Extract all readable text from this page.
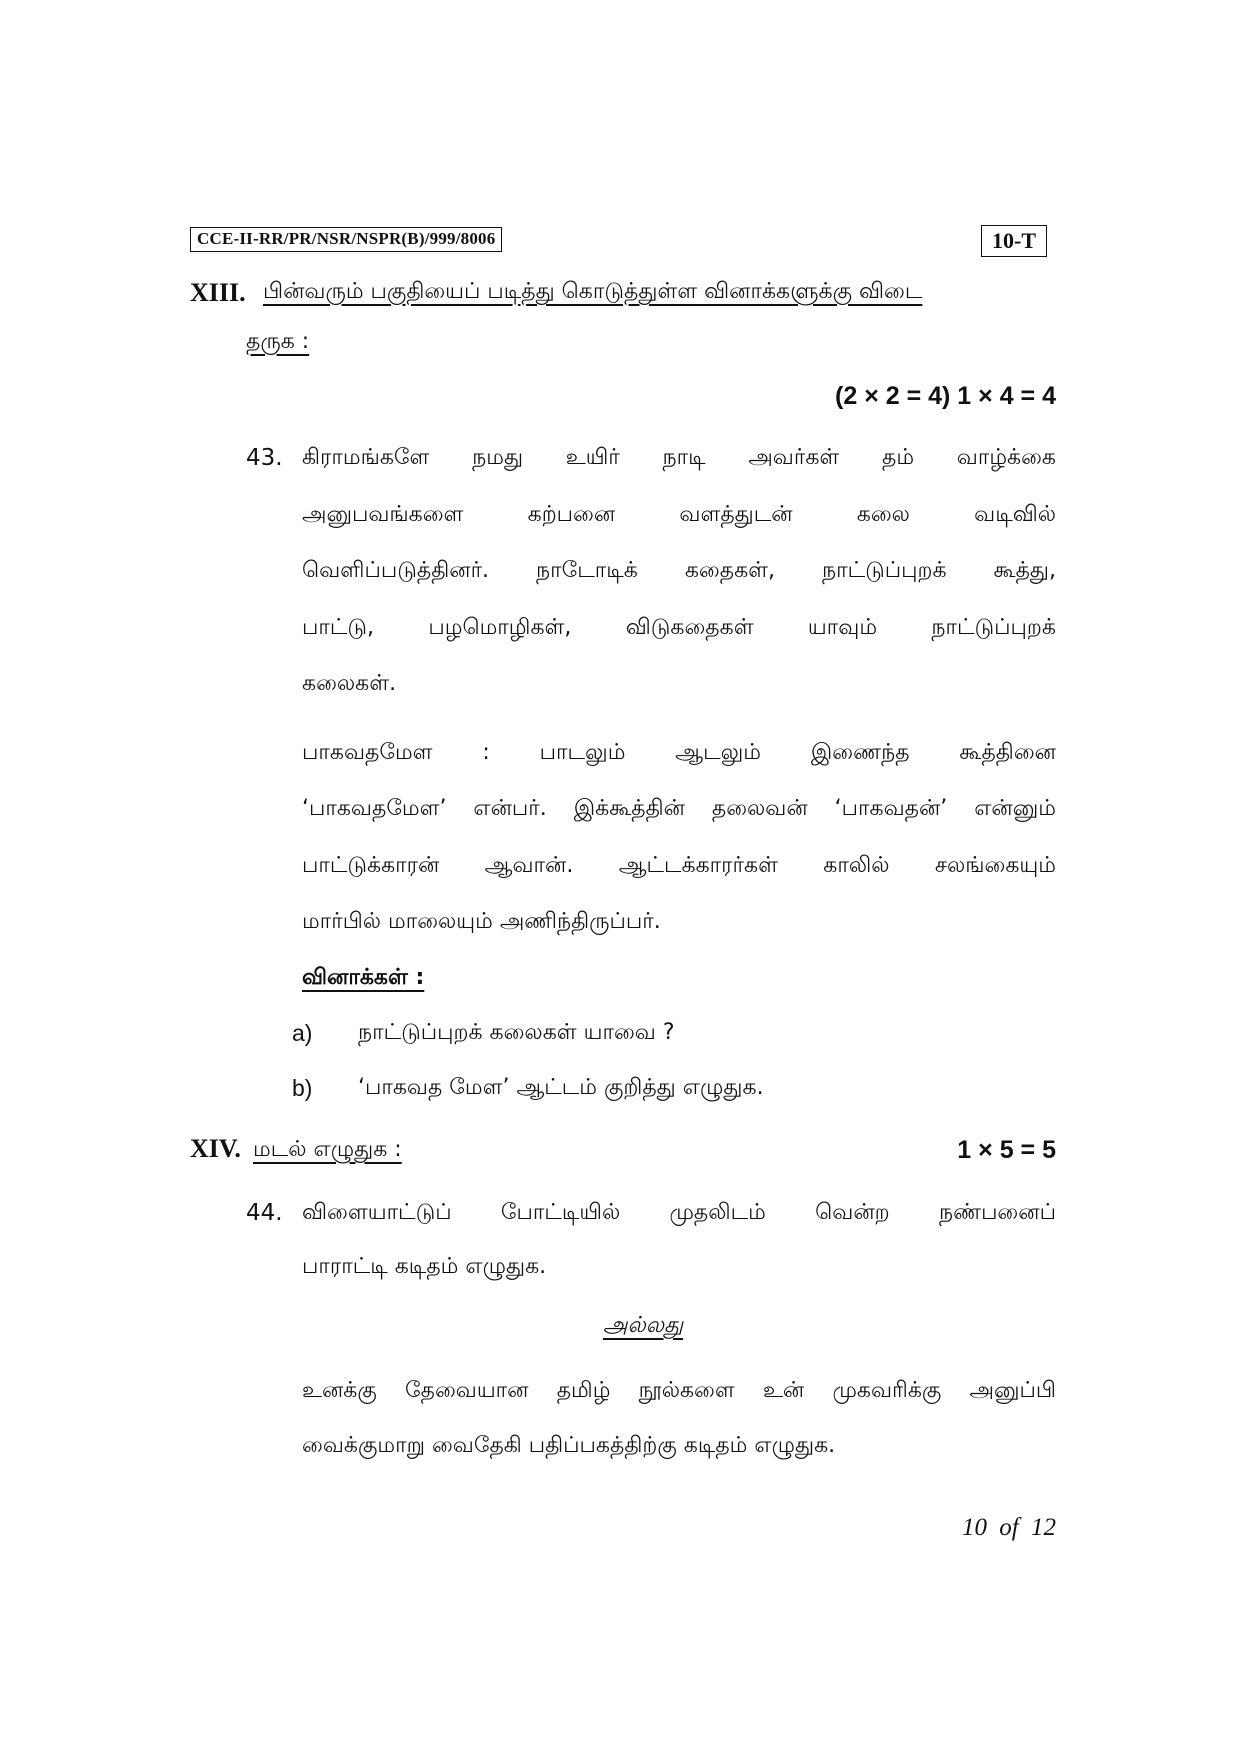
CCE-II-RR/PR/NSR/NSPR(B)/999/8006	10-T
XIII. பின்வரும் பகுதியைப் படித்து கொடுத்துள்ள வினாக்களுக்கு விடை
தருக :
(2 × 2 = 4) 1 × 4 = 4
43. கிராமங்களே நமது உயிர் நாடி அவர்கள் தம் வாழ்க்கை
அனுபவங்களை	கற்பனை	வளத்துடன்	கலை	வடிவில்
வெளிப்படுத்தினர். நாடோடிக் கதைகள், நாட்டுப்புறக் கூத்து,
பாட்டு, பழமொழிகள், விடுகதைகள் யாவும் நாட்டுப்புறக்
கலைகள்.
பாகவதமேள : பாடலும் ஆடலும் இணைந்த கூத்தினை
‘பாகவதமேள’ என்பர். இக்கூத்தின் தலைவன் ‘பாகவதன்’ என்னும்
பாட்டுக்காரன் ஆவான். ஆட்டக்காரர்கள் காலில் சலங்கையும்
மார்பில் மாலையும் அணிந்திருப்பர்.
வினாக்கள் :
a) நாட்டுப்புறக் கலைகள் யாவை ?
b) ‘பாகவத மேள’ ஆட்டம் குறித்து எழுதுக.
XIV. மடல் எழுதுக :	1 × 5 = 5
44. விளையாட்டுப் போட்டியில் முதலிடம் வென்ற நண்பனைப்
பாராட்டி கடிதம் எழுதுக.
அல்லது
உனக்கு தேவையான தமிழ் நூல்களை உன் முகவரிக்கு அனுப்பி
வைக்குமாறு வைதேகி பதிப்பகத்திற்கு கடிதம் எழுதுக.
10 of 12
